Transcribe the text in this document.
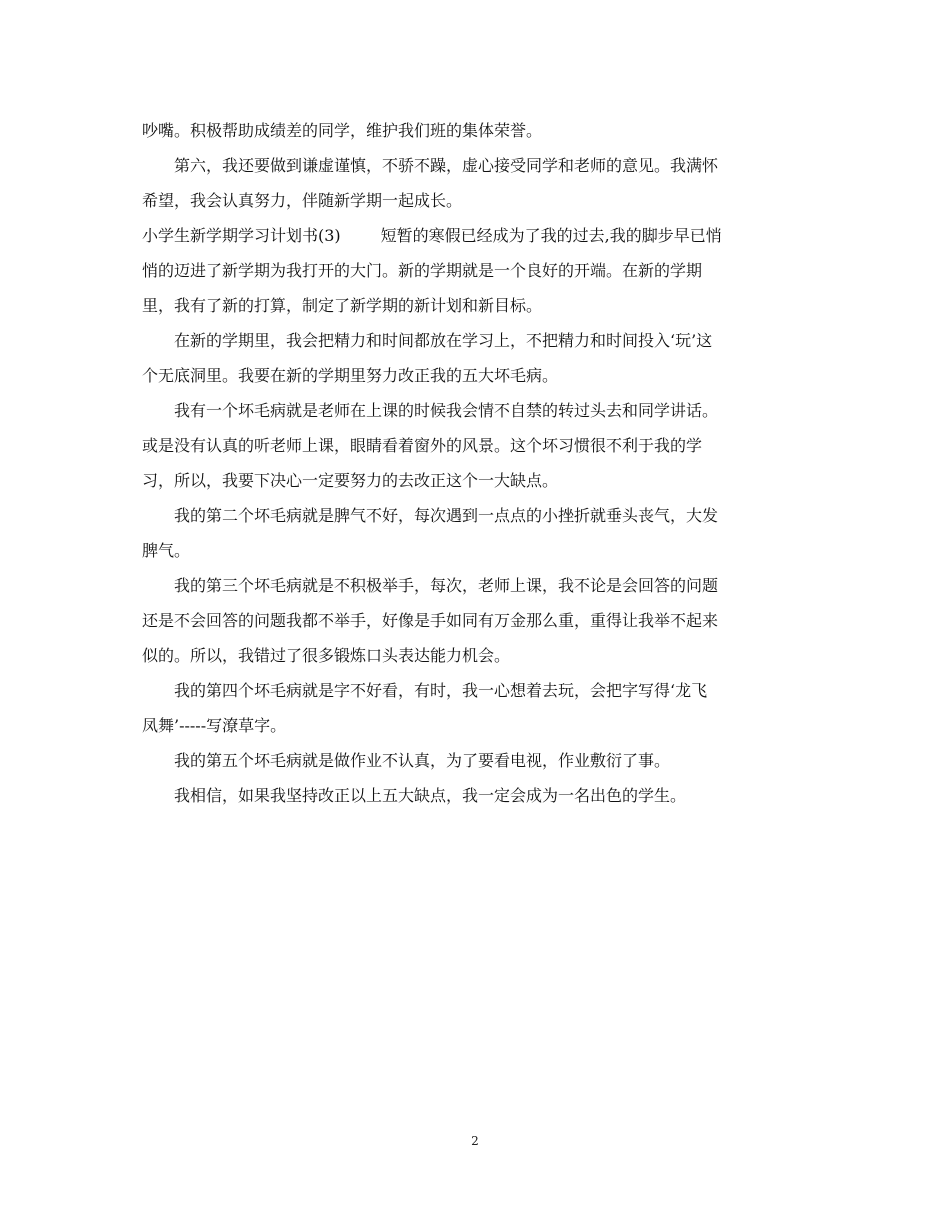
吵嘴。积极帮助成绩差的同学，维护我们班的集体荣誉。
第六，我还要做到谦虚谨慎，不骄不躁，虚心接受同学和老师的意见。我满怀
希望，我会认真努力，伴随新学期一起成长。
小学生新学期学习计划书(3)	短暂的寒假已经成为了我的过去,我的脚步早已悄
悄的迈进了新学期为我打开的大门。新的学期就是一个良好的开端。在新的学期
里，我有了新的打算，制定了新学期的新计划和新目标。
在新的学期里，我会把精力和时间都放在学习上，不把精力和时间投入‘玩’这
个无底洞里。我要在新的学期里努力改正我的五大坏毛病。
我有一个坏毛病就是老师在上课的时候我会情不自禁的转过头去和同学讲话。
或是没有认真的听老师上课，眼睛看着窗外的风景。这个坏习惯很不利于我的学
习，所以，我要下决心一定要努力的去改正这个一大缺点。
我的第二个坏毛病就是脾气不好，每次遇到一点点的小挫折就垂头丧气，大发
脾气。
我的第三个坏毛病就是不积极举手，每次，老师上课，我不论是会回答的问题
还是不会回答的问题我都不举手，好像是手如同有万金那么重，重得让我举不起来
似的。所以，我错过了很多锻炼口头表达能力机会。
我的第四个坏毛病就是字不好看，有时，我一心想着去玩，会把字写得‘龙飞
凤舞’-----写潦草字。
我的第五个坏毛病就是做作业不认真，为了要看电视，作业敷衍了事。
我相信，如果我坚持改正以上五大缺点，我一定会成为一名出色的学生。
2
